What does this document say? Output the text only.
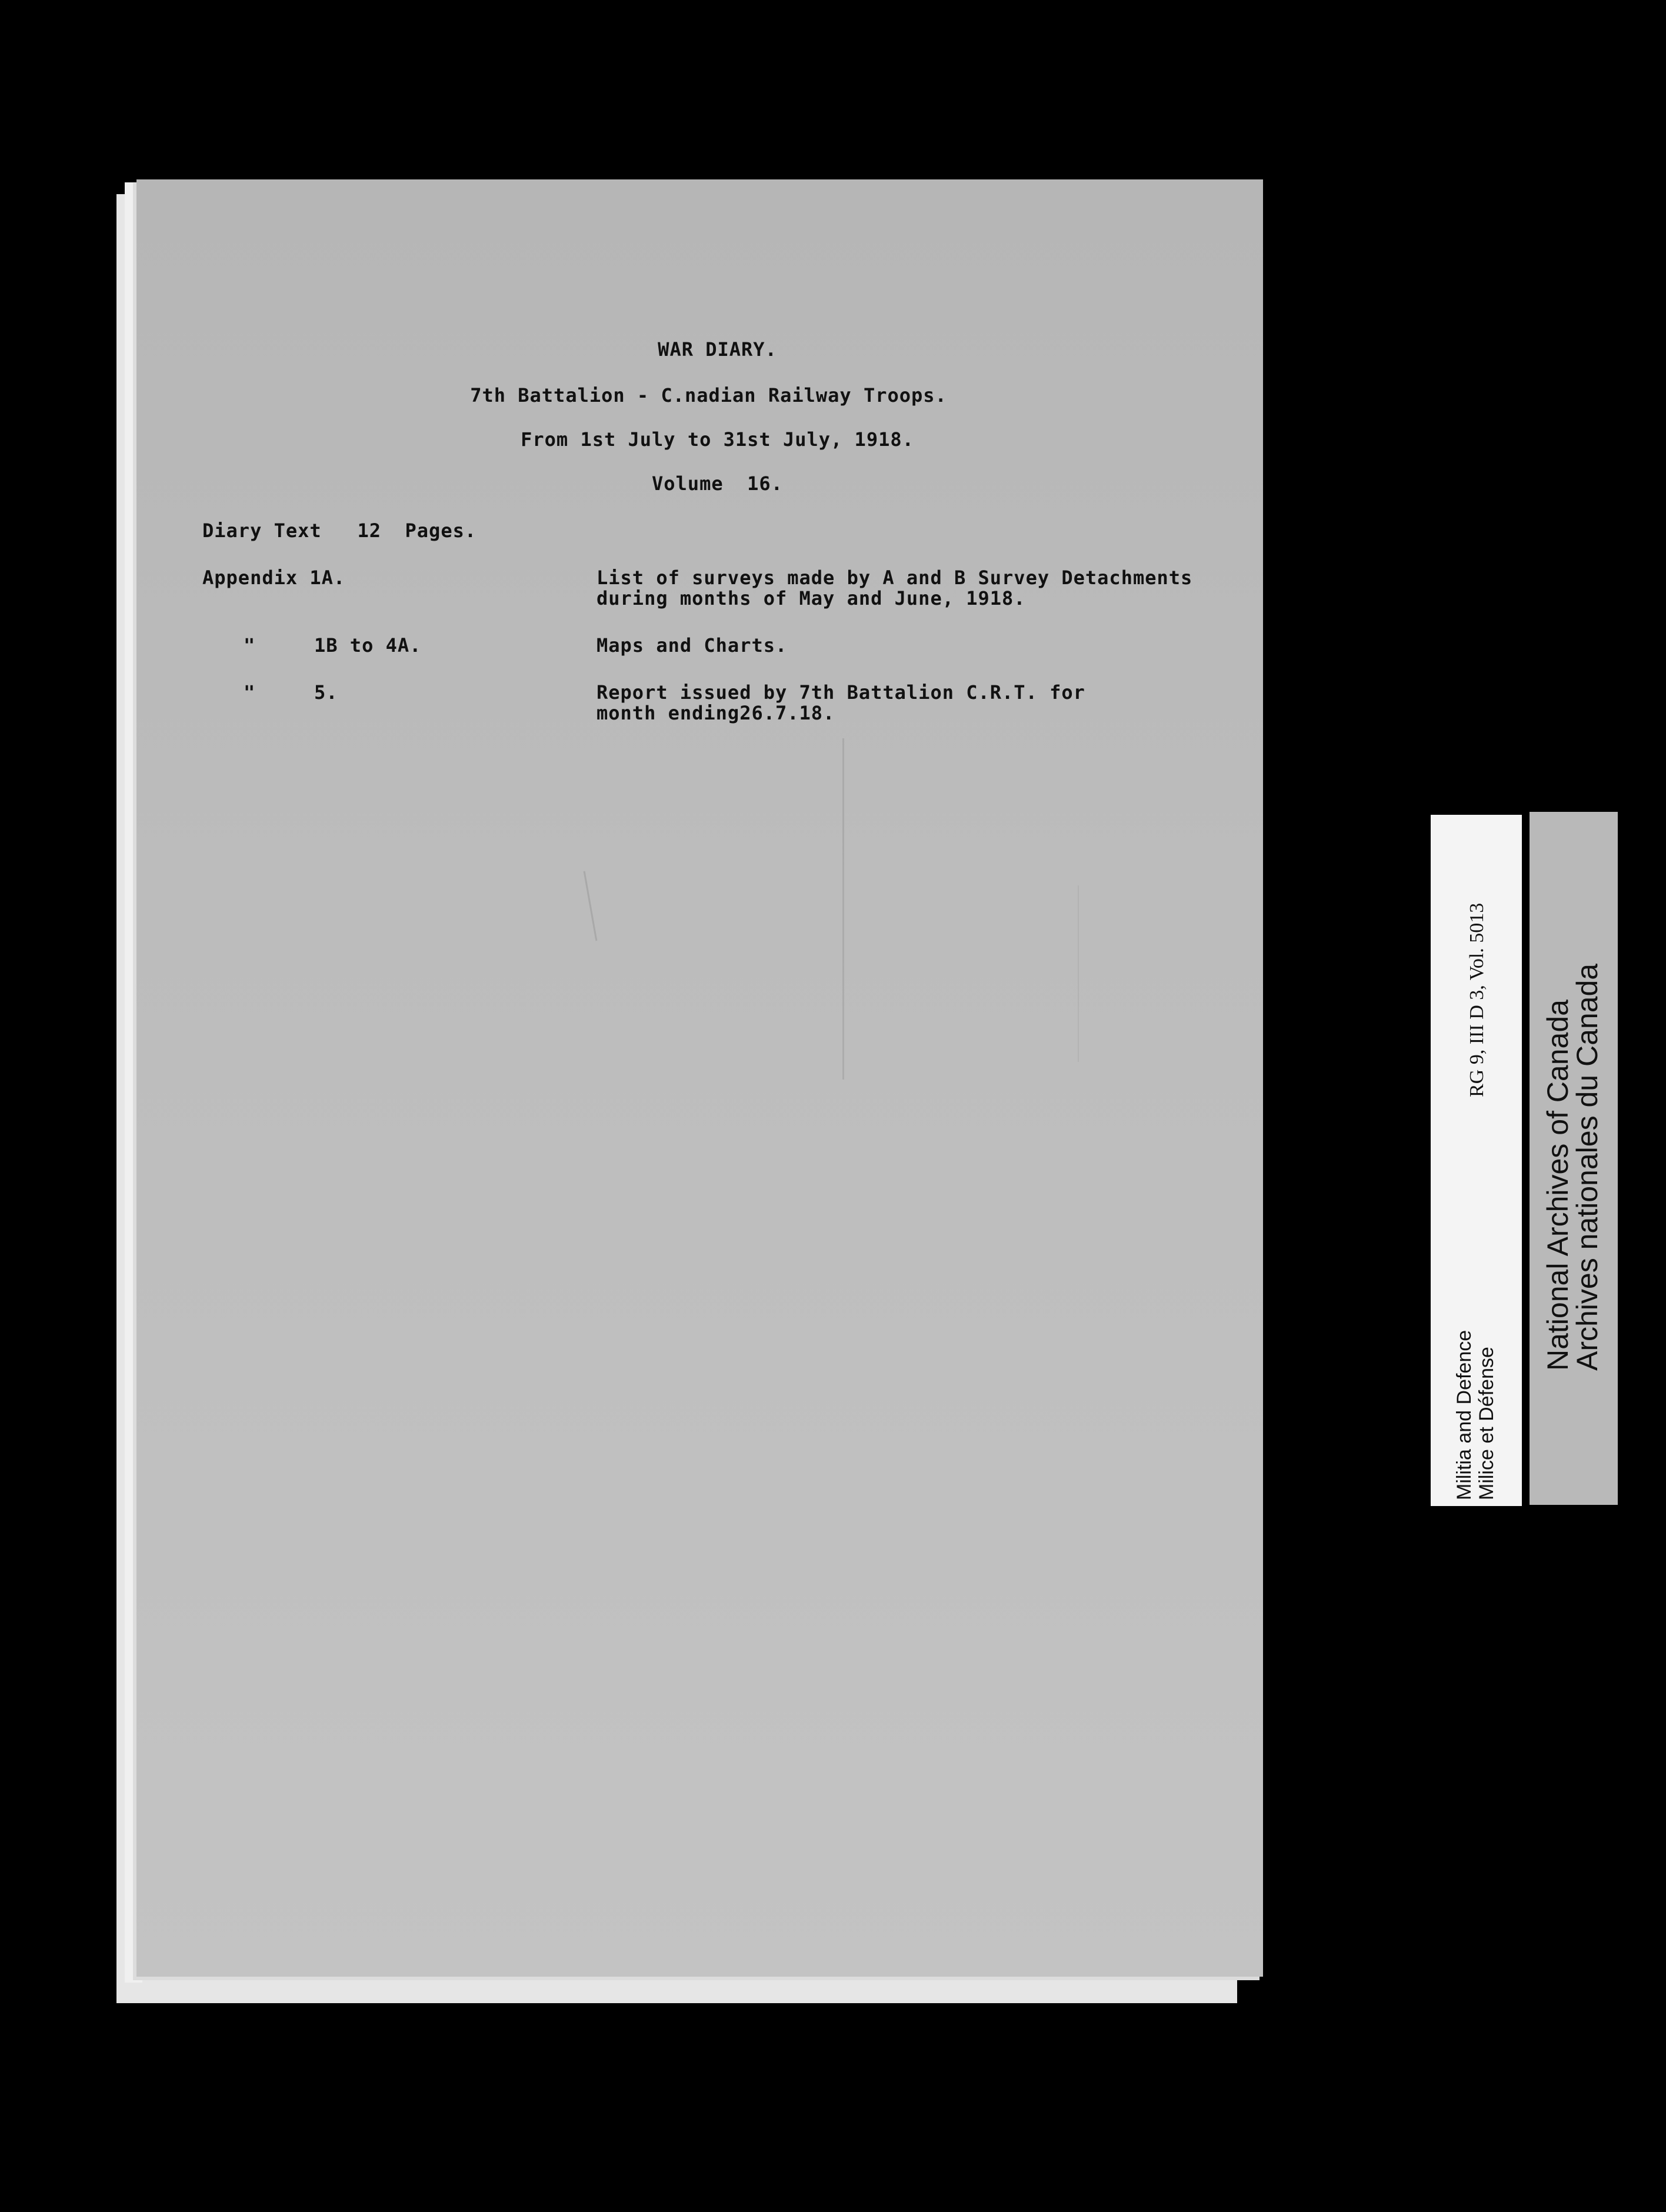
WAR DIARY.
7th Battalion - C.nadian Railway Troops.
From 1st July to 31st July, 1918.
Volume  16.
Diary Text   12  Pages.
Appendix 1A.	List of surveys made by A and B Survey Detachments
during months of May and June, 1918.
"	1B to 4A.	Maps and Charts.
"	5.	Report issued by 7th Battalion C.R.T. for
month ending26.7.18.
Militia and Defence Milice et Défense
RG 9, III D 3, Vol. 5013 National Archives of Canada
Archives nationales du Canada
